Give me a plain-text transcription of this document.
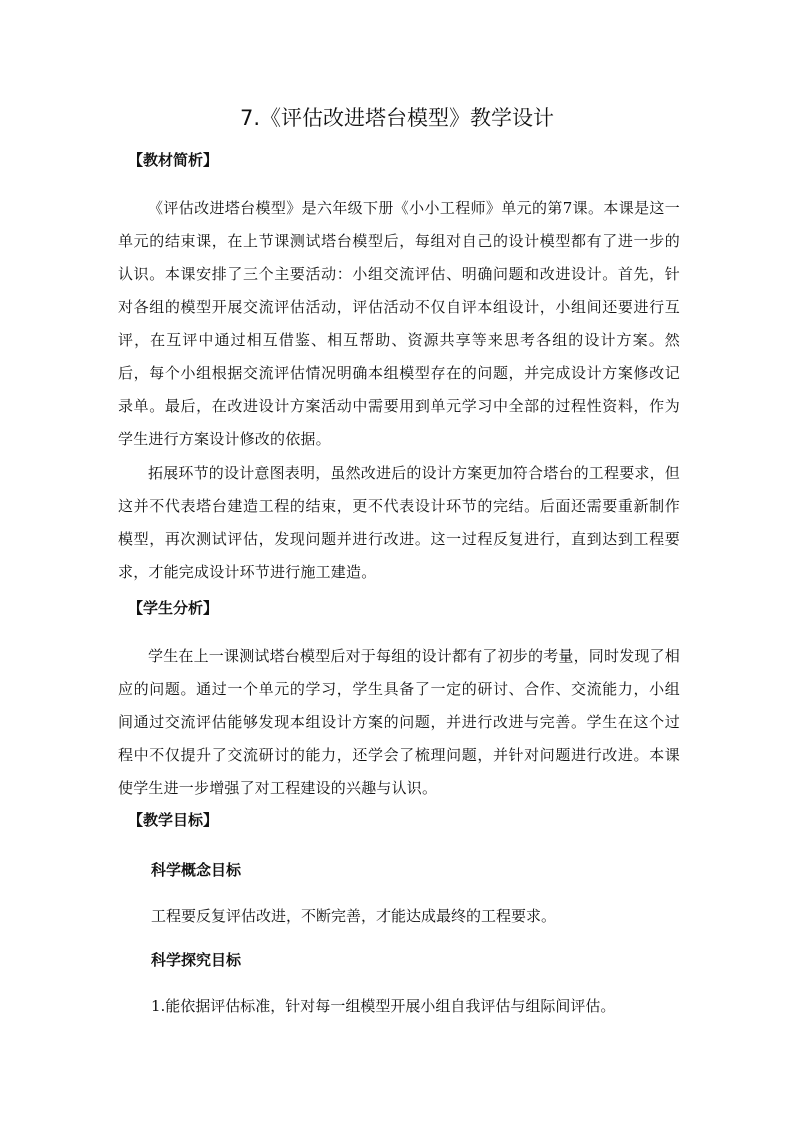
7.《评估改进塔台模型》教学设计
【教材简析】
《评估改进塔台模型》是六年级下册《小小工程师》单元的第7课。本课是这一单元的结束课，在上节课测试塔台模型后，每组对自己的设计模型都有了进一步的认识。本课安排了三个主要活动：小组交流评估、明确问题和改进设计。首先，针对各组的模型开展交流评估活动，评估活动不仅自评本组设计，小组间还要进行互评，在互评中通过相互借鉴、相互帮助、资源共享等来思考各组的设计方案。然后，每个小组根据交流评估情况明确本组模型存在的问题，并完成设计方案修改记录单。最后，在改进设计方案活动中需要用到单元学习中全部的过程性资料，作为学生进行方案设计修改的依据。
拓展环节的设计意图表明，虽然改进后的设计方案更加符合塔台的工程要求，但这并不代表塔台建造工程的结束，更不代表设计环节的完结。后面还需要重新制作模型，再次测试评估，发现问题并进行改进。这一过程反复进行，直到达到工程要求，才能完成设计环节进行施工建造。
【学生分析】
学生在上一课测试塔台模型后对于每组的设计都有了初步的考量，同时发现了相应的问题。通过一个单元的学习，学生具备了一定的研讨、合作、交流能力，小组间通过交流评估能够发现本组设计方案的问题，并进行改进与完善。学生在这个过程中不仅提升了交流研讨的能力，还学会了梳理问题，并针对问题进行改进。本课使学生进一步增强了对工程建设的兴趣与认识。
【教学目标】
科学概念目标
工程要反复评估改进，不断完善，才能达成最终的工程要求。
科学探究目标
1.能依据评估标准，针对每一组模型开展小组自我评估与组际间评估。
